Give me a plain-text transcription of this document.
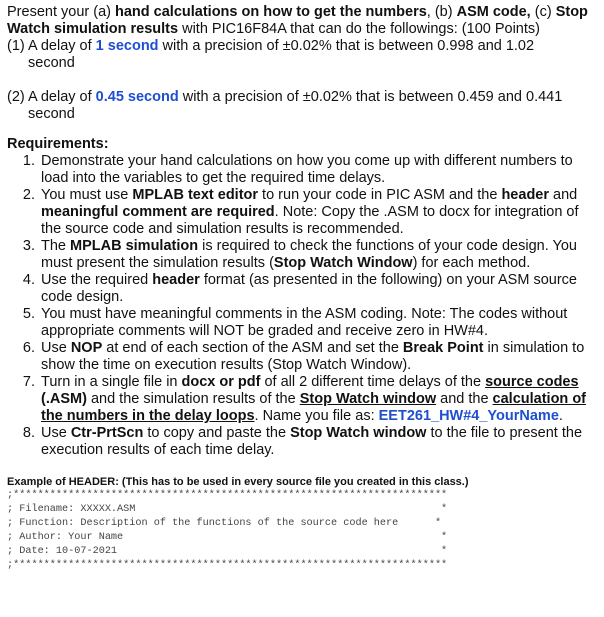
Present your (a) hand calculations on how to get the numbers, (b) ASM code, (c) Stop Watch simulation results with PIC16F84A that can do the followings: (100 Points)

(1) A delay of 1 second with a precision of ±0.02% that is between 0.998 and 1.02
second

(2) A delay of 0.45 second with a precision of ±0.02% that is between 0.459 and 0.441
second

Requirements:

1. Demonstrate your hand calculations on how you come up with different numbers to load into the variables to get the required time delays.
2. You must use MPLAB text editor to run your code in PIC ASM and the header and meaningful comment are required. Note: Copy the .ASM to docx for integration of the source code and simulation results is recommended.
3. The MPLAB simulation is required to check the functions of your code design. You must present the simulation results (Stop Watch Window) for each method.
4. Use the required header format (as presented in the following) on your ASM source code design.
5. You must have meaningful comments in the ASM coding. Note: The codes without appropriate comments will NOT be graded and receive zero in HW#4.
6. Use NOP at end of each section of the ASM and set the Break Point in simulation to show the time on execution results (Stop Watch Window).
7. Turn in a single file in docx or pdf of all 2 different time delays of the source codes (.ASM) and the simulation results of the Stop Watch window and the calculation of the numbers in the delay loops. Name you file as: EET261_HW#4_YourName.
8. Use Ctr-PrtScn to copy and paste the Stop Watch window to the file to present the execution results of each time delay.
Example of HEADER: (This has to be used in every source file you created in this class.)
;***********************************************************************
; Filename: XXXXX.ASM                                                  *
; Function: Description of the functions of the source code here      *
; Author: Your Name                                                    *
; Date: 10-07-2021                                                     *
;***********************************************************************
